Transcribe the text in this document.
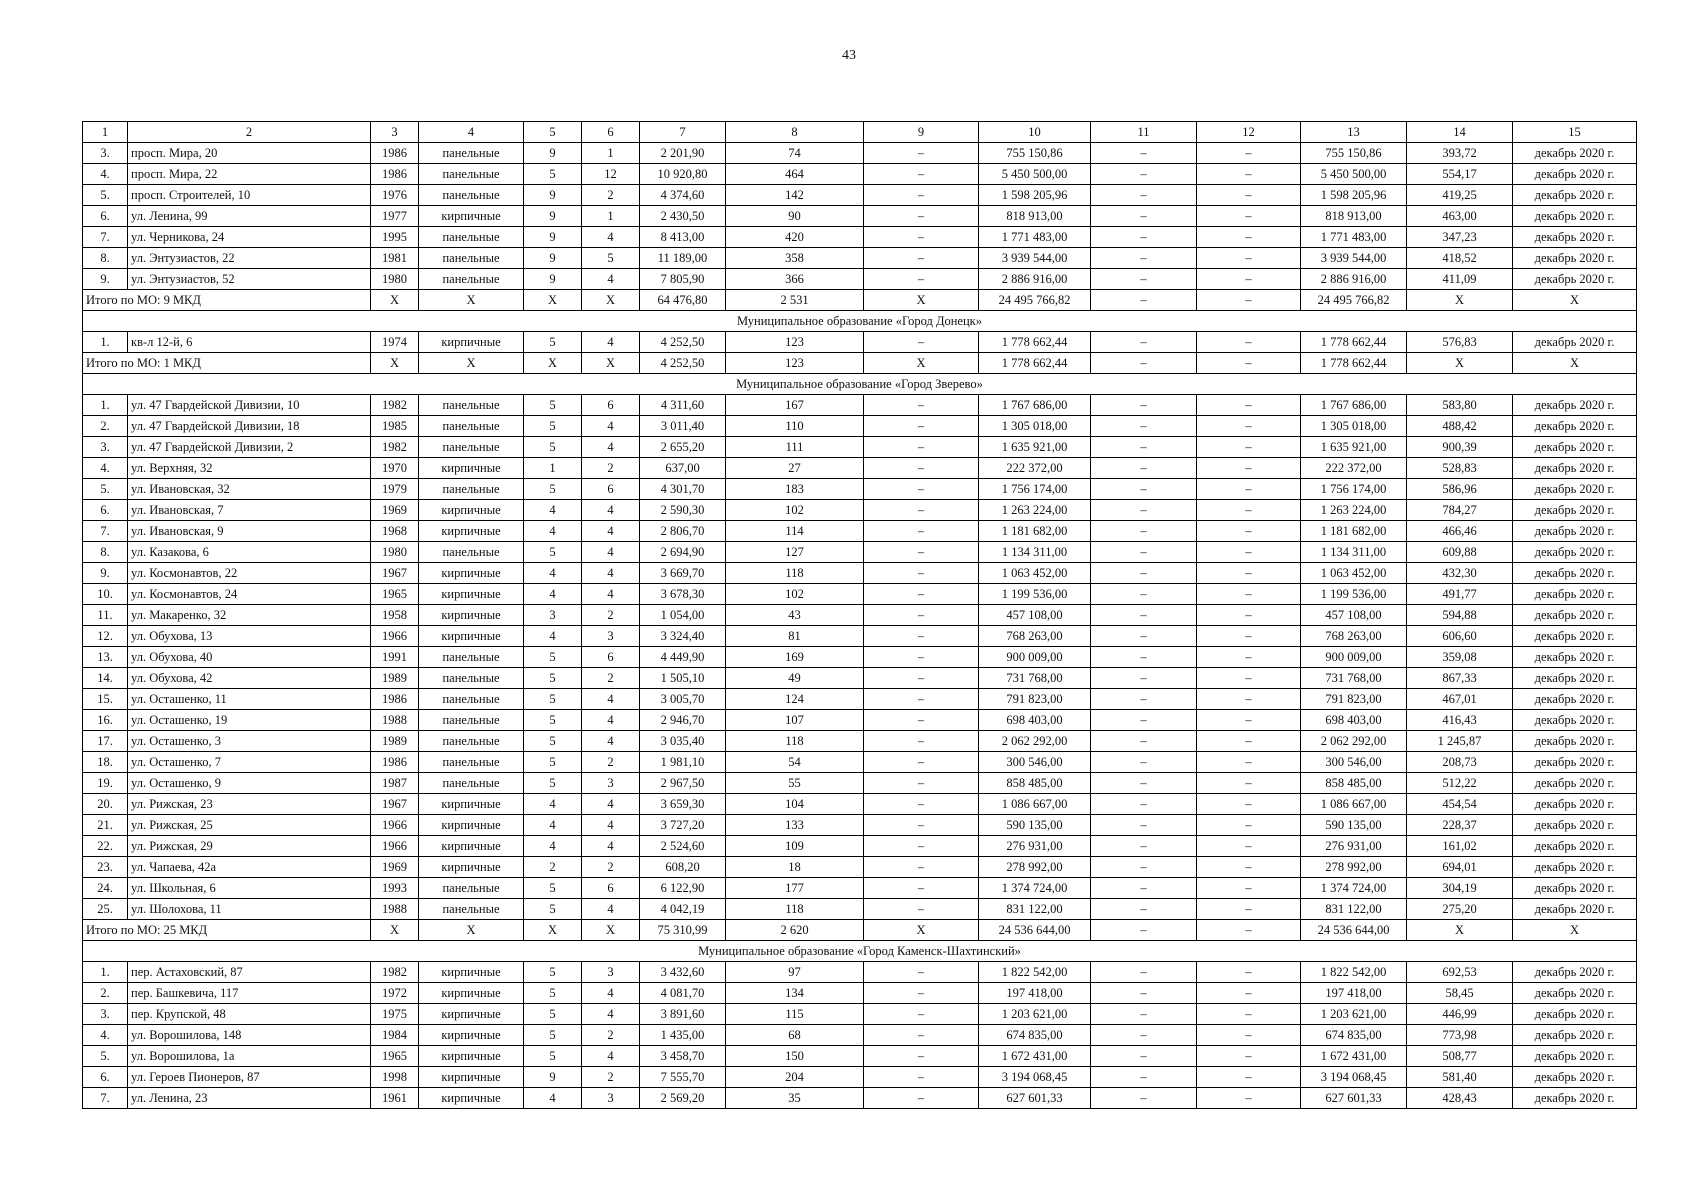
43
1	2	3	4	5	6	7	8	9	10	11	12	13	14	15
3.	просп. Мира, 20	1986	панельные	9	1	2 201,90	74	–	755 150,86	–	–	755 150,86	393,72	декабрь 2020 г.
4.	просп. Мира, 22	1986	панельные	5	12	10 920,80	464	–	5 450 500,00	–	–	5 450 500,00	554,17	декабрь 2020 г.
5.	просп. Строителей, 10	1976	панельные	9	2	4 374,60	142	–	1 598 205,96	–	–	1 598 205,96	419,25	декабрь 2020 г.
6.	ул. Ленина, 99	1977	кирпичные	9	1	2 430,50	90	–	818 913,00	–	–	818 913,00	463,00	декабрь 2020 г.
7.	ул. Черникова, 24	1995	панельные	9	4	8 413,00	420	–	1 771 483,00	–	–	1 771 483,00	347,23	декабрь 2020 г.
8.	ул. Энтузиастов, 22	1981	панельные	9	5	11 189,00	358	–	3 939 544,00	–	–	3 939 544,00	418,52	декабрь 2020 г.
9.	ул. Энтузиастов, 52	1980	панельные	9	4	7 805,90	366	–	2 886 916,00	–	–	2 886 916,00	411,09	декабрь 2020 г.
Итого по МО: 9 МКД		X	X	X	X	64 476,80	2 531	X	24 495 766,82	–	–	24 495 766,82	X	X
Муниципальное образование «Город Донецк»														
1.	кв-л 12-й, 6	1974	кирпичные	5	4	4 252,50	123	–	1 778 662,44	–	–	1 778 662,44	576,83	декабрь 2020 г.
Итого по МО: 1 МКД		X	X	X	X	4 252,50	123	X	1 778 662,44	–	–	1 778 662,44	X	X
Муниципальное образование «Город Зверево»														
1.	ул. 47 Гвардейской Дивизии, 10	1982	панельные	5	6	4 311,60	167	–	1 767 686,00	–	–	1 767 686,00	583,80	декабрь 2020 г.
2.	ул. 47 Гвардейской Дивизии, 18	1985	панельные	5	4	3 011,40	110	–	1 305 018,00	–	–	1 305 018,00	488,42	декабрь 2020 г.
3.	ул. 47 Гвардейской Дивизии, 2	1982	панельные	5	4	2 655,20	111	–	1 635 921,00	–	–	1 635 921,00	900,39	декабрь 2020 г.
4.	ул. Верхняя, 32	1970	кирпичные	1	2	637,00	27	–	222 372,00	–	–	222 372,00	528,83	декабрь 2020 г.
5.	ул. Ивановская, 32	1979	панельные	5	6	4 301,70	183	–	1 756 174,00	–	–	1 756 174,00	586,96	декабрь 2020 г.
6.	ул. Ивановская, 7	1969	кирпичные	4	4	2 590,30	102	–	1 263 224,00	–	–	1 263 224,00	784,27	декабрь 2020 г.
7.	ул. Ивановская, 9	1968	кирпичные	4	4	2 806,70	114	–	1 181 682,00	–	–	1 181 682,00	466,46	декабрь 2020 г.
8.	ул. Казакова, 6	1980	панельные	5	4	2 694,90	127	–	1 134 311,00	–	–	1 134 311,00	609,88	декабрь 2020 г.
9.	ул. Космонавтов, 22	1967	кирпичные	4	4	3 669,70	118	–	1 063 452,00	–	–	1 063 452,00	432,30	декабрь 2020 г.
10.	ул. Космонавтов, 24	1965	кирпичные	4	4	3 678,30	102	–	1 199 536,00	–	–	1 199 536,00	491,77	декабрь 2020 г.
11.	ул. Макаренко, 32	1958	кирпичные	3	2	1 054,00	43	–	457 108,00	–	–	457 108,00	594,88	декабрь 2020 г.
12.	ул. Обухова, 13	1966	кирпичные	4	3	3 324,40	81	–	768 263,00	–	–	768 263,00	606,60	декабрь 2020 г.
13.	ул. Обухова, 40	1991	панельные	5	6	4 449,90	169	–	900 009,00	–	–	900 009,00	359,08	декабрь 2020 г.
14.	ул. Обухова, 42	1989	панельные	5	2	1 505,10	49	–	731 768,00	–	–	731 768,00	867,33	декабрь 2020 г.
15.	ул. Осташенко, 11	1986	панельные	5	4	3 005,70	124	–	791 823,00	–	–	791 823,00	467,01	декабрь 2020 г.
16.	ул. Осташенко, 19	1988	панельные	5	4	2 946,70	107	–	698 403,00	–	–	698 403,00	416,43	декабрь 2020 г.
17.	ул. Осташенко, 3	1989	панельные	5	4	3 035,40	118	–	2 062 292,00	–	–	2 062 292,00	1 245,87	декабрь 2020 г.
18.	ул. Осташенко, 7	1986	панельные	5	2	1 981,10	54	–	300 546,00	–	–	300 546,00	208,73	декабрь 2020 г.
19.	ул. Осташенко, 9	1987	панельные	5	3	2 967,50	55	–	858 485,00	–	–	858 485,00	512,22	декабрь 2020 г.
20.	ул. Рижская, 23	1967	кирпичные	4	4	3 659,30	104	–	1 086 667,00	–	–	1 086 667,00	454,54	декабрь 2020 г.
21.	ул. Рижская, 25	1966	кирпичные	4	4	3 727,20	133	–	590 135,00	–	–	590 135,00	228,37	декабрь 2020 г.
22.	ул. Рижская, 29	1966	кирпичные	4	4	2 524,60	109	–	276 931,00	–	–	276 931,00	161,02	декабрь 2020 г.
23.	ул. Чапаева, 42а	1969	кирпичные	2	2	608,20	18	–	278 992,00	–	–	278 992,00	694,01	декабрь 2020 г.
24.	ул. Школьная, 6	1993	панельные	5	6	6 122,90	177	–	1 374 724,00	–	–	1 374 724,00	304,19	декабрь 2020 г.
25.	ул. Шолохова, 11	1988	панельные	5	4	4 042,19	118	–	831 122,00	–	–	831 122,00	275,20	декабрь 2020 г.
Итого по МО: 25 МКД		X	X	X	X	75 310,99	2 620	X	24 536 644,00	–	–	24 536 644,00	X	X
Муниципальное образование «Город Каменск-Шахтинский»														
1.	пер. Астаховский, 87	1982	кирпичные	5	3	3 432,60	97	–	1 822 542,00	–	–	1 822 542,00	692,53	декабрь 2020 г.
2.	пер. Башкевича, 117	1972	кирпичные	5	4	4 081,70	134	–	197 418,00	–	–	197 418,00	58,45	декабрь 2020 г.
3.	пер. Крупской, 48	1975	кирпичные	5	4	3 891,60	115	–	1 203 621,00	–	–	1 203 621,00	446,99	декабрь 2020 г.
4.	ул. Ворошилова, 148	1984	кирпичные	5	2	1 435,00	68	–	674 835,00	–	–	674 835,00	773,98	декабрь 2020 г.
5.	ул. Ворошилова, 1а	1965	кирпичные	5	4	3 458,70	150	–	1 672 431,00	–	–	1 672 431,00	508,77	декабрь 2020 г.
6.	ул. Героев Пионеров, 87	1998	кирпичные	9	2	7 555,70	204	–	3 194 068,45	–	–	3 194 068,45	581,40	декабрь 2020 г.
7.	ул. Ленина, 23	1961	кирпичные	4	3	2 569,20	35	–	627 601,33	–	–	627 601,33	428,43	декабрь 2020 г.
